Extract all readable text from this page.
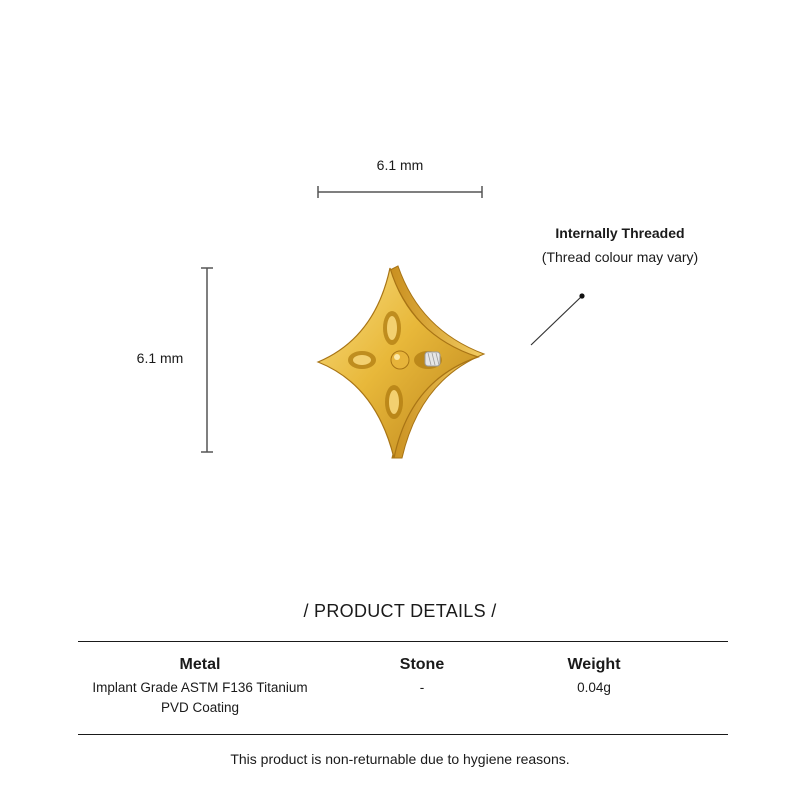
6.1 mm
6.1 mm
Internally Threaded
(Thread colour may vary)
/ PRODUCT DETAILS /
Metal
Implant Grade ASTM F136 Titanium
PVD Coating
Stone
-
Weight
0.04g
This product is non-returnable due to hygiene reasons.
